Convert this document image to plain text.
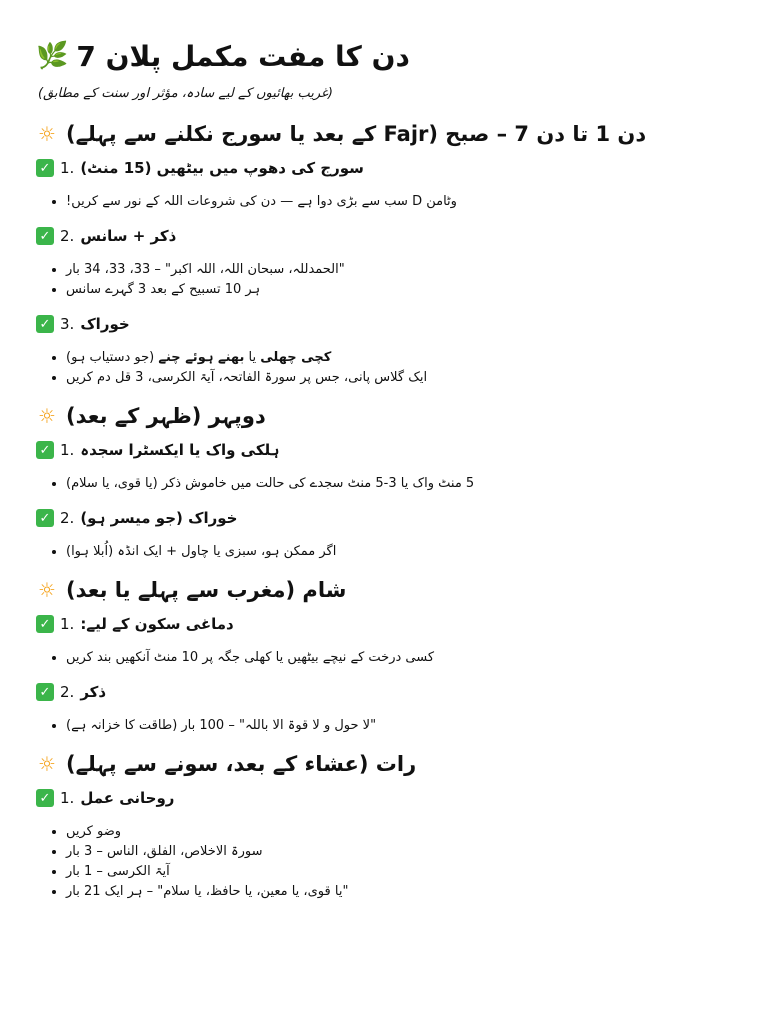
🌿 دن کا مفت مکمل پلان 7
(غریب بھائیوں کے لیے سادہ، مؤثر اور سنت کے مطابق)
☼ دن 1 تا دن 7 – صبح (Fajr کے بعد یا سورج نکلنے سے پہلے)
✓ 1. سورج کی دھوپ میں بیٹھیں (15 منٹ)
• وٹامن D سب سے بڑی دوا ہے — دن کی شروعات اللہ کے نور سے کریں!
✓ 2. ذکر + سانس
• "الحمدللہ، سبحان اللہ، اللہ اکبر" – 33، 33، 34 بار
• ہر 10 تسبیح کے بعد 3 گہرے سانس
✓ 3. خوراک
• کچی چھلی یا بھنے ہوئے چنے (جو دستیاب ہو)
• ایک گلاس پانی، جس پر سورۃ الفاتحہ، آیۃ الکرسی، 3 قل دم کریں
☼ دوپہر (ظہر کے بعد)
✓ 1. ہلکی واک یا ایکسٹرا سجدہ
• 5 منٹ واک یا 3-5 منٹ سجدے کی حالت میں خاموش ذکر (یا قوی، یا سلام)
✓ 2. خوراک (جو میسر ہو)
• اگر ممکن ہو، سبزی یا چاول + ایک انڈہ (اُبلا ہوا)
☼ شام (مغرب سے پہلے یا بعد)
✓ 1. دماغی سکون کے لیے:
• کسی درخت کے نیچے بیٹھیں یا کھلی جگہ پر 10 منٹ آنکھیں بند کریں
✓ 2. ذکر
• "لا حول و لا قوۃ الا باللہ" – 100 بار (طاقت کا خزانہ ہے)
☼ رات (عشاء کے بعد، سونے سے پہلے)
✓ 1. روحانی عمل
• وضو کریں
• سورۃ الاخلاص، الفلق، الناس – 3 بار
• آیۃ الکرسی – 1 بار
• "یا قوی، یا معین، یا حافظ، یا سلام" – ہر ایک 21 بار
